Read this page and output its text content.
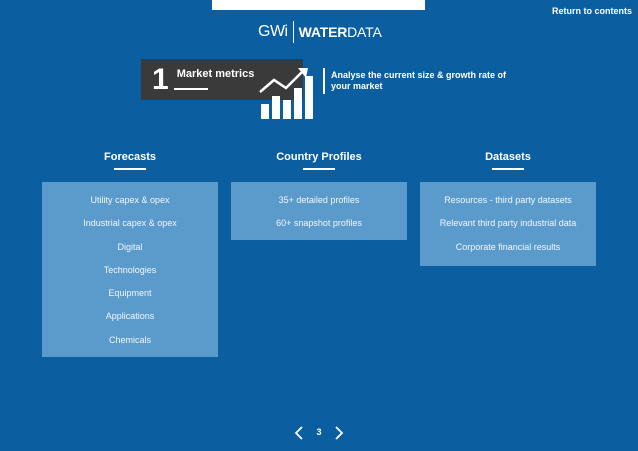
Return to contents
GWi WATERDATA
1 Market metrics	Analyse the current size & growth rate of your market
Forecasts	Country Profiles	Datasets
Utility capex & opex
Industrial capex & opex
Digital
Technologies
Equipment
Applications
Chemicals
35+ detailed profiles
60+ snapshot profiles
Resources - third party datasets
Relevant third party industrial data
Corporate financial results
3
